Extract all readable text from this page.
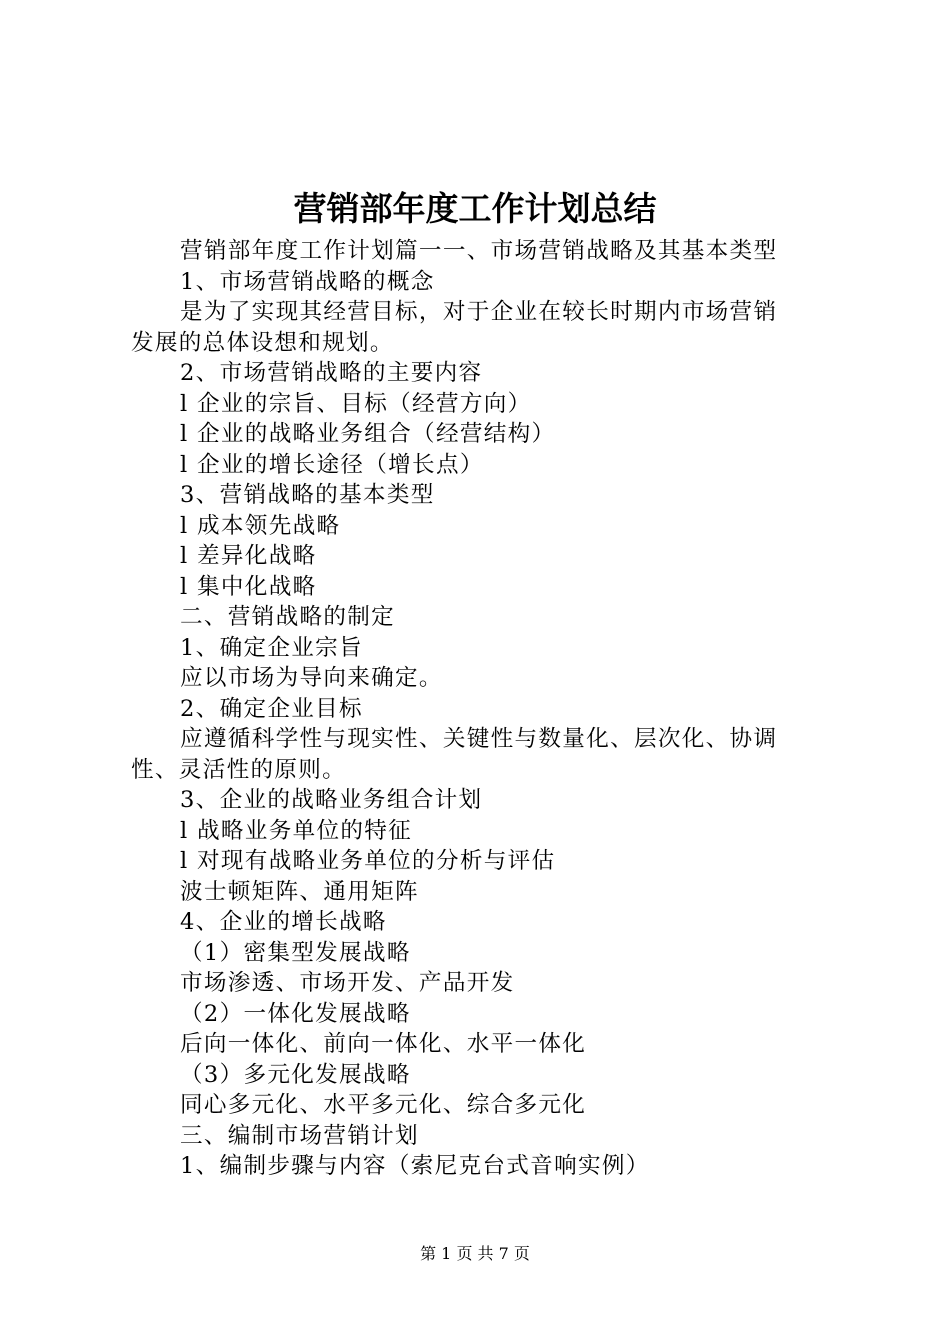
营销部年度工作计划总结
营销部年度工作计划篇一一、市场营销战略及其基本类型
1、市场营销战略的概念
是为了实现其经营目标，对于企业在较长时期内市场营销
发展的总体设想和规划。
2、市场营销战略的主要内容
l 企业的宗旨、目标（经营方向）
l 企业的战略业务组合（经营结构）
l 企业的增长途径（增长点）
3、营销战略的基本类型
l 成本领先战略
l 差异化战略
l 集中化战略
二、营销战略的制定
1、确定企业宗旨
应以市场为导向来确定。
2、确定企业目标
应遵循科学性与现实性、关键性与数量化、层次化、协调
性、灵活性的原则。
3、企业的战略业务组合计划
l 战略业务单位的特征
l 对现有战略业务单位的分析与评估
波士顿矩阵、通用矩阵
4、企业的增长战略
（1）密集型发展战略
市场渗透、市场开发、产品开发
（2）一体化发展战略
后向一体化、前向一体化、水平一体化
（3）多元化发展战略
同心多元化、水平多元化、综合多元化
三、编制市场营销计划
1、编制步骤与内容（索尼克台式音响实例）
第 1 页 共 7 页
